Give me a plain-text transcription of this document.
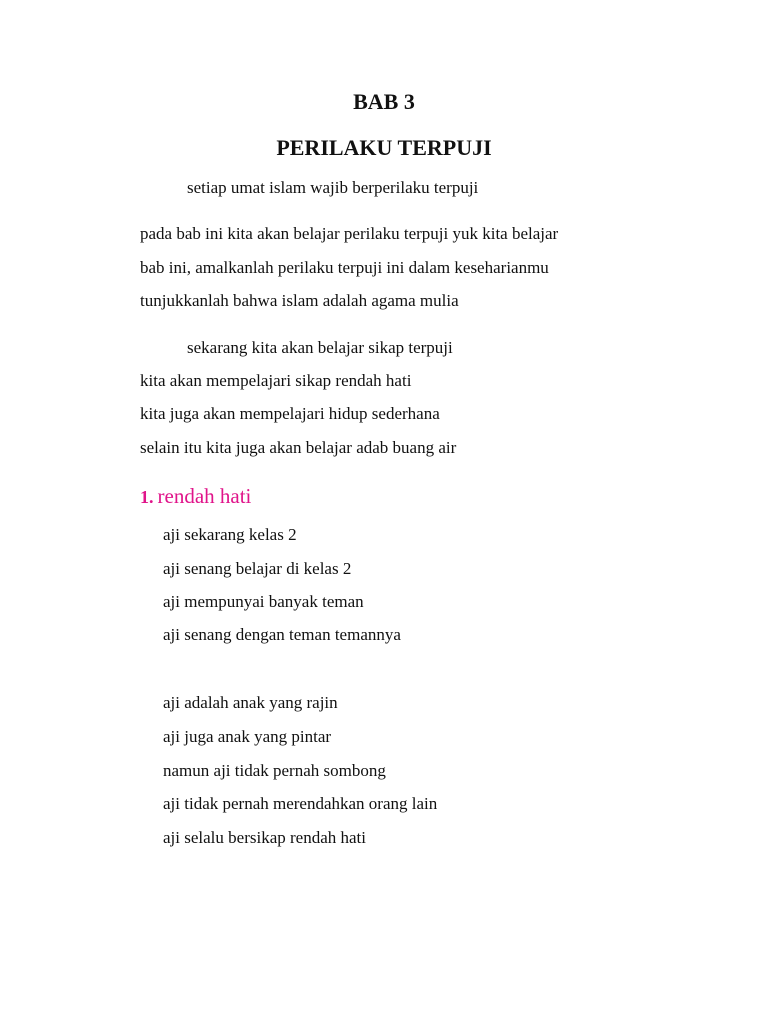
BAB 3
PERILAKU TERPUJI
setiap umat islam wajib berperilaku terpuji
pada bab ini kita akan belajar perilaku terpuji yuk kita belajar
bab ini, amalkanlah perilaku terpuji ini dalam keseharianmu
tunjukkanlah bahwa islam adalah agama mulia
sekarang kita akan belajar sikap terpuji
kita akan mempelajari sikap rendah hati
kita juga akan mempelajari hidup sederhana
selain itu kita juga akan belajar adab buang air
1. rendah hati
aji sekarang kelas 2
aji senang belajar di kelas 2
aji mempunyai banyak teman
aji senang dengan teman temannya
aji adalah anak yang rajin
aji juga anak yang pintar
namun aji tidak pernah sombong
aji tidak pernah merendahkan orang lain
aji selalu bersikap rendah hati
